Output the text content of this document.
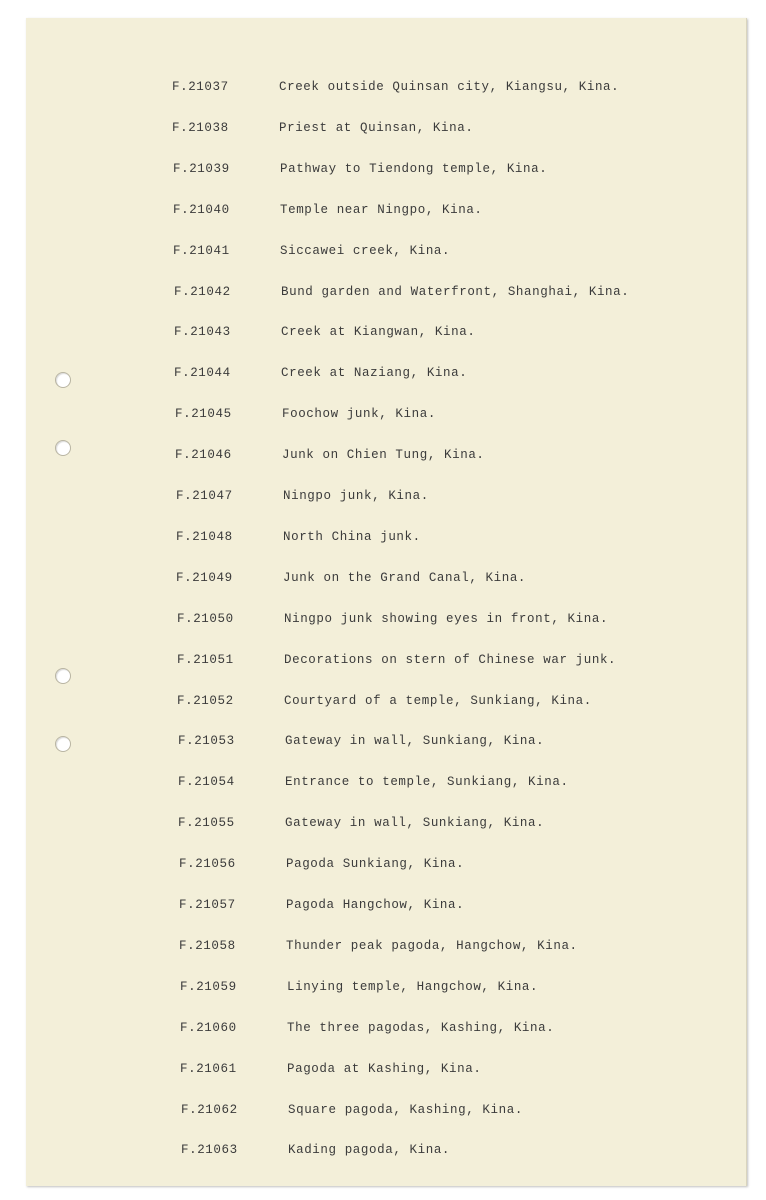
F.21037	Creek outside Quinsan city, Kiangsu, Kina.
F.21038	Priest at Quinsan, Kina.
F.21039	Pathway to Tiendong temple, Kina.
F.21040	Temple near Ningpo, Kina.
F.21041	Siccawei creek, Kina.
F.21042	Bund garden and Waterfront, Shanghai, Kina.
F.21043	Creek at Kiangwan, Kina.
F.21044	Creek at Naziang, Kina.
F.21045	Foochow junk, Kina.
F.21046	Junk on Chien Tung, Kina.
F.21047	Ningpo junk, Kina.
F.21048	North China junk.
F.21049	Junk on the Grand Canal, Kina.
F.21050	Ningpo junk showing eyes in front, Kina.
F.21051	Decorations on stern of Chinese war junk.
F.21052	Courtyard of a temple, Sunkiang, Kina.
F.21053	Gateway in wall, Sunkiang, Kina.
F.21054	Entrance to temple, Sunkiang, Kina.
F.21055	Gateway in wall, Sunkiang, Kina.
F.21056	Pagoda Sunkiang, Kina.
F.21057	Pagoda Hangchow, Kina.
F.21058	Thunder peak pagoda, Hangchow, Kina.
F.21059	Linying temple, Hangchow, Kina.
F.21060	The three pagodas, Kashing, Kina.
F.21061	Pagoda at Kashing, Kina.
F.21062	Square pagoda, Kashing, Kina.
F.21063	Kading pagoda, Kina.
